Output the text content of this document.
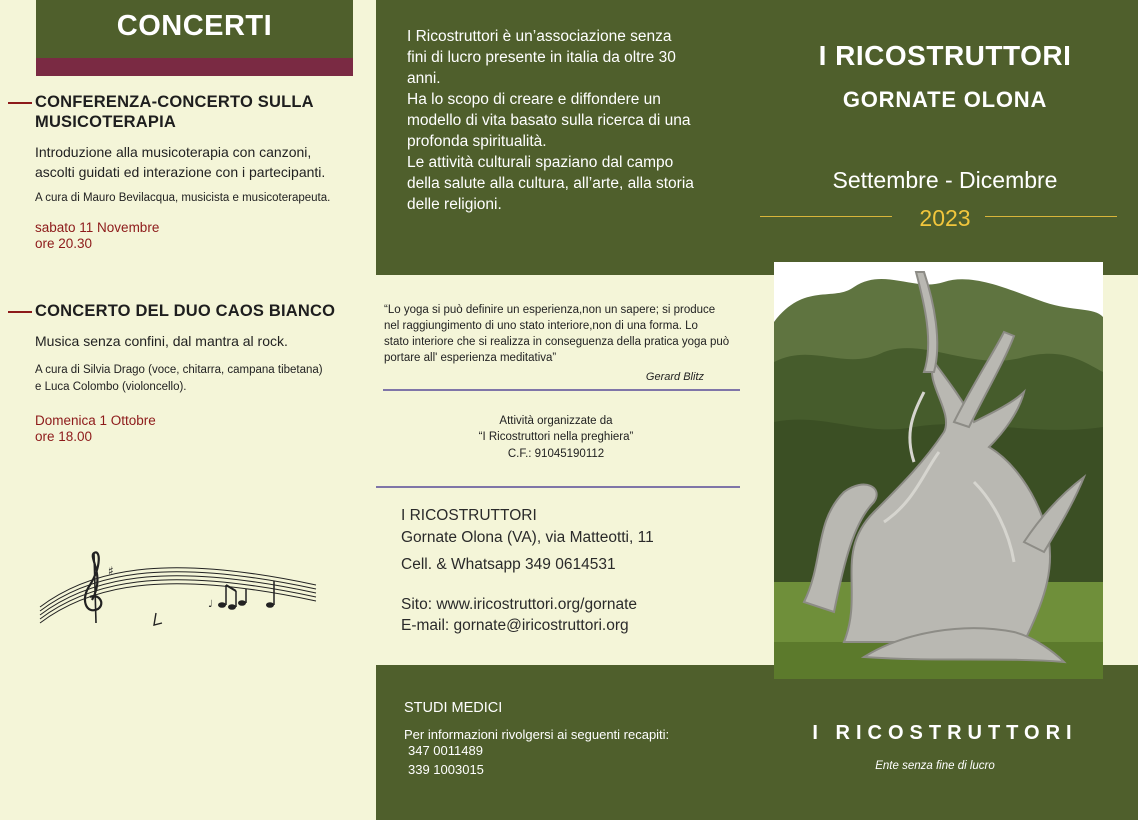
CONCERTI
CONFERENZA-CONCERTO SULLA
MUSICOTERAPIA
Introduzione alla musicoterapia con canzoni,
ascolti guidati ed interazione con i partecipanti.
A cura di Mauro Bevilacqua, musicista e musicoterapeuta.
sabato 11 Novembre
ore 20.30
CONCERTO DEL DUO CAOS BIANCO
Musica senza confini, dal mantra al rock.
A cura di Silvia Drago (voce, chitarra, campana tibetana)
e Luca Colombo (violoncello).
Domenica 1 Ottobre
ore 18.00
♯
♩
I Ricostruttori è un’associazione senza
fini di lucro presente in italia da oltre 30
anni.
Ha lo scopo di creare e diffondere un
modello di vita basato sulla ricerca di una
profonda spiritualità.
Le attività culturali spaziano dal campo
della salute alla cultura, all’arte, alla storia
delle religioni.
“Lo yoga si può definire un esperienza,non un sapere; si produce
nel raggiungimento di uno stato interiore,non di una forma. Lo
stato interiore che si realizza in conseguenza della pratica yoga può
portare all' esperienza meditativa”
Gerard Blitz
Attività organizzate da
“I Ricostruttori nella preghiera”
C.F.: 91045190112
I RICOSTRUTTORI
Gornate Olona (VA), via Matteotti, 11
Cell. & Whatsapp 349 0614531
Sito: www.iricostruttori.org/gornate
E-mail: gornate@iricostruttori.org
STUDI MEDICI
Per informazioni rivolgersi ai seguenti recapiti:
347 0011489
339 1003015
I RICOSTRUTTORI
GORNATE OLONA
Settembre - Dicembre
2023
I RICOSTRUTTORI
Ente senza fine di lucro
